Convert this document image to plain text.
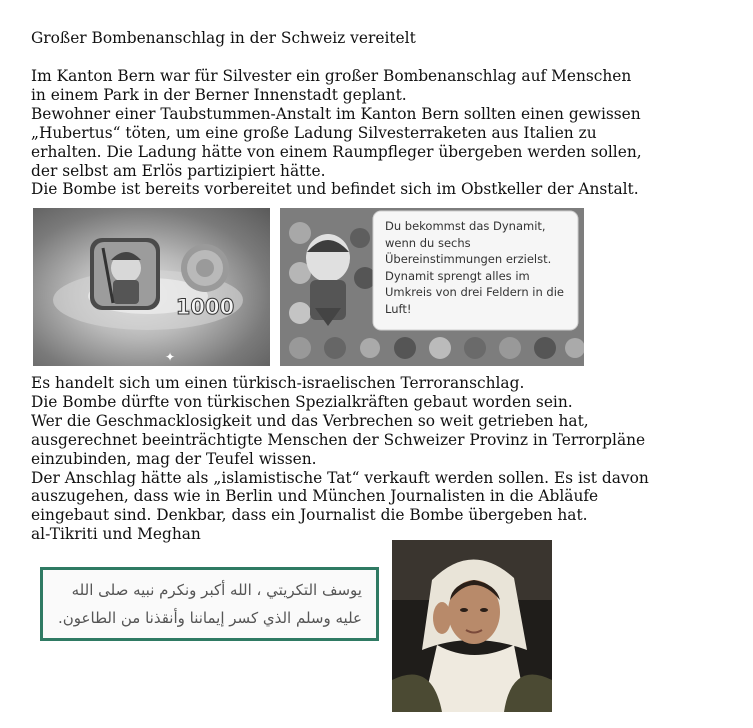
Großer Bombenanschlag in der Schweiz vereitelt
Im Kanton Bern war für Silvester ein großer Bombenanschlag auf Menschen
in einem Park in der Berner Innenstadt geplant.
Bewohner einer Taubstummen-Anstalt im Kanton Bern sollten einen gewissen
„Hubertus“ töten, um eine große Ladung Silvesterraketen aus Italien zu
erhalten. Die Ladung hätte von einem Raumpfleger übergeben werden sollen,
der selbst am Erlös partizipiert hätte.
Die Bombe ist bereits vorbereitet und befindet sich im Obstkeller der Anstalt.
1000
✦
Du bekommst das Dynamit,
wenn du sechs
Übereinstimmungen erzielst.
Dynamit sprengt alles im
Umkreis von drei Feldern in die
Luft!
Es handelt sich um einen türkisch-israelischen Terroranschlag.
Die Bombe dürfte von türkischen Spezialkräften gebaut worden sein.
Wer die Geschmacklosigkeit und das Verbrechen so weit getrieben hat,
ausgerechnet beeinträchtigte Menschen der Schweizer Provinz in Terrorpläne
einzubinden, mag der Teufel wissen.
Der Anschlag hätte als „islamistische Tat“ verkauft werden sollen. Es ist davon
auszugehen, dass wie in Berlin und München Journalisten in die Abläufe
eingebaut sind. Denkbar, dass ein Journalist die Bombe übergeben hat.
al-Tikriti und Meghan
يوسف التكريتي ، الله أكبر ونكرم نبيه صلى الله
عليه وسلم الذي كسر إيماننا وأنقذنا من الطاعون.
